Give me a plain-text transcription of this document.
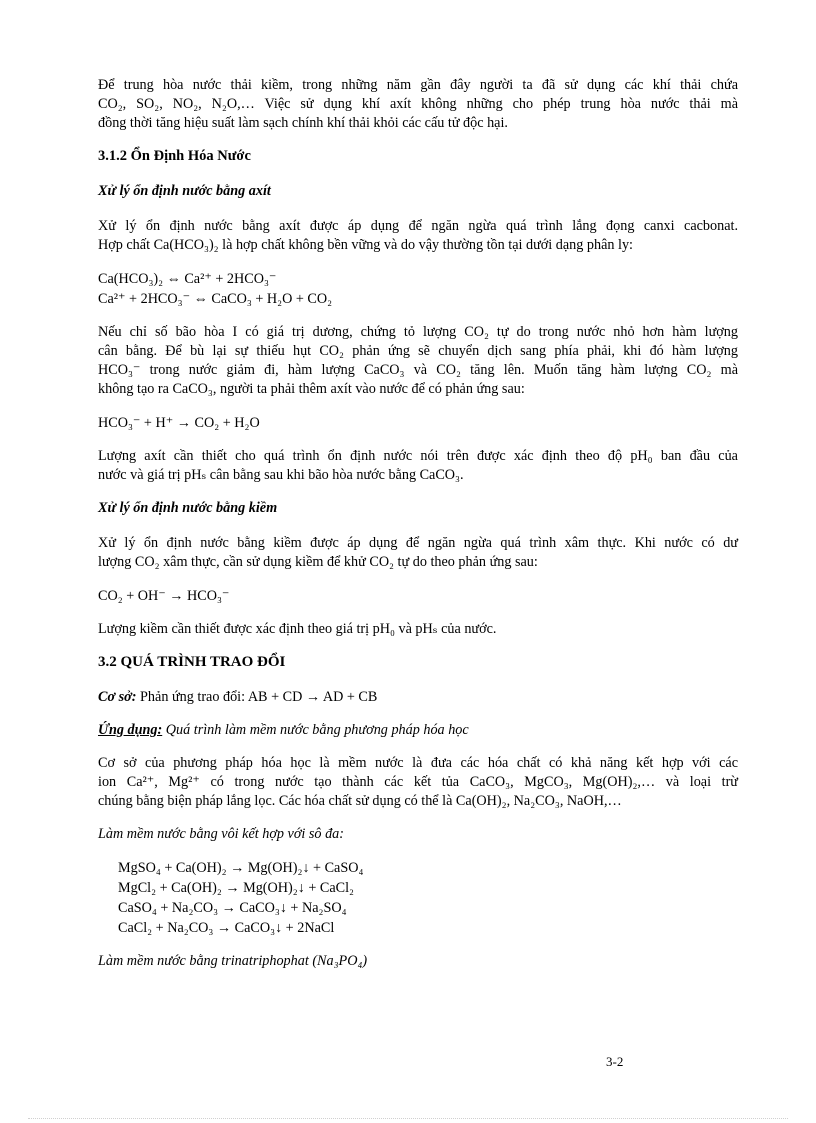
Để trung hòa nước thải kiềm, trong những năm gần đây người ta đã sử dụng các khí thải chứa
CO₂, SO₂, NO₂, N₂O,… Việc sử dụng khí axít không những cho phép trung hòa nước thải mà
đồng thời tăng hiệu suất làm sạch chính khí thải khỏi các cấu tử độc hại.
3.1.2 Ổn Định Hóa Nước
Xử lý ổn định nước bằng axít
Xử lý ổn định nước bằng axít được áp dụng để ngăn ngừa quá trình lắng đọng canxi cacbonat.
Hợp chất Ca(HCO₃)₂ là hợp chất không bền vững và do vậy thường tồn tại dưới dạng phân ly:
Ca(HCO₃)₂ ⇔ Ca²⁺ + 2HCO₃⁻
Ca²⁺ + 2HCO₃⁻ ⇔ CaCO₃ + H₂O + CO₂
Nếu chỉ số bão hòa I có giá trị dương, chứng tỏ lượng CO₂ tự do trong nước nhỏ hơn hàm lượng
cân bằng. Để bù lại sự thiếu hụt CO₂ phản ứng sẽ chuyển dịch sang phía phải, khi đó hàm lượng
HCO₃⁻ trong nước giảm đi, hàm lượng CaCO₃ và CO₂ tăng lên. Muốn tăng hàm lượng CO₂ mà
không tạo ra CaCO₃, người ta phải thêm axít vào nước để có phản ứng sau:
HCO₃⁻ + H⁺ → CO₂ + H₂O
Lượng axít cần thiết cho quá trình ổn định nước nói trên được xác định theo độ pH₀ ban đầu của
nước và giá trị pHₛ cân bằng sau khi bão hòa nước bằng CaCO₃.
Xử lý ổn định nước bằng kiềm
Xử lý ổn định nước bằng kiềm được áp dụng để ngăn ngừa quá trình xâm thực. Khi nước có dư
lượng CO₂ xâm thực, cần sử dụng kiềm để khử CO₂ tự do theo phản ứng sau:
CO₂ + OH⁻ → HCO₃⁻
Lượng kiềm cần thiết được xác định theo giá trị pH₀ và pHₛ của nước.
3.2 QUÁ TRÌNH TRAO ĐỔI
Cơ sở: Phản ứng trao đổi: AB + CD → AD + CB
Ứng dụng: Quá trình làm mềm nước bằng phương pháp hóa học
Cơ sở của phương pháp hóa học là mềm nước là đưa các hóa chất có khả năng kết hợp với các
ion Ca²⁺, Mg²⁺ có trong nước tạo thành các kết tủa CaCO₃, MgCO₃, Mg(OH)₂,… và loại trừ
chúng bằng biện pháp lắng lọc. Các hóa chất sử dụng có thể là Ca(OH)₂, Na₂CO₃, NaOH,…
Làm mềm nước bằng vôi kết hợp với sô đa:
MgSO₄ + Ca(OH)₂ → Mg(OH)₂↓ + CaSO₄
MgCl₂ + Ca(OH)₂ → Mg(OH)₂↓ + CaCl₂
CaSO₄ + Na₂CO₃ → CaCO₃↓ + Na₂SO₄
CaCl₂ + Na₂CO₃ → CaCO₃↓ + 2NaCl
Làm mềm nước bằng trinatriphophat (Na₃PO₄)
3-2
